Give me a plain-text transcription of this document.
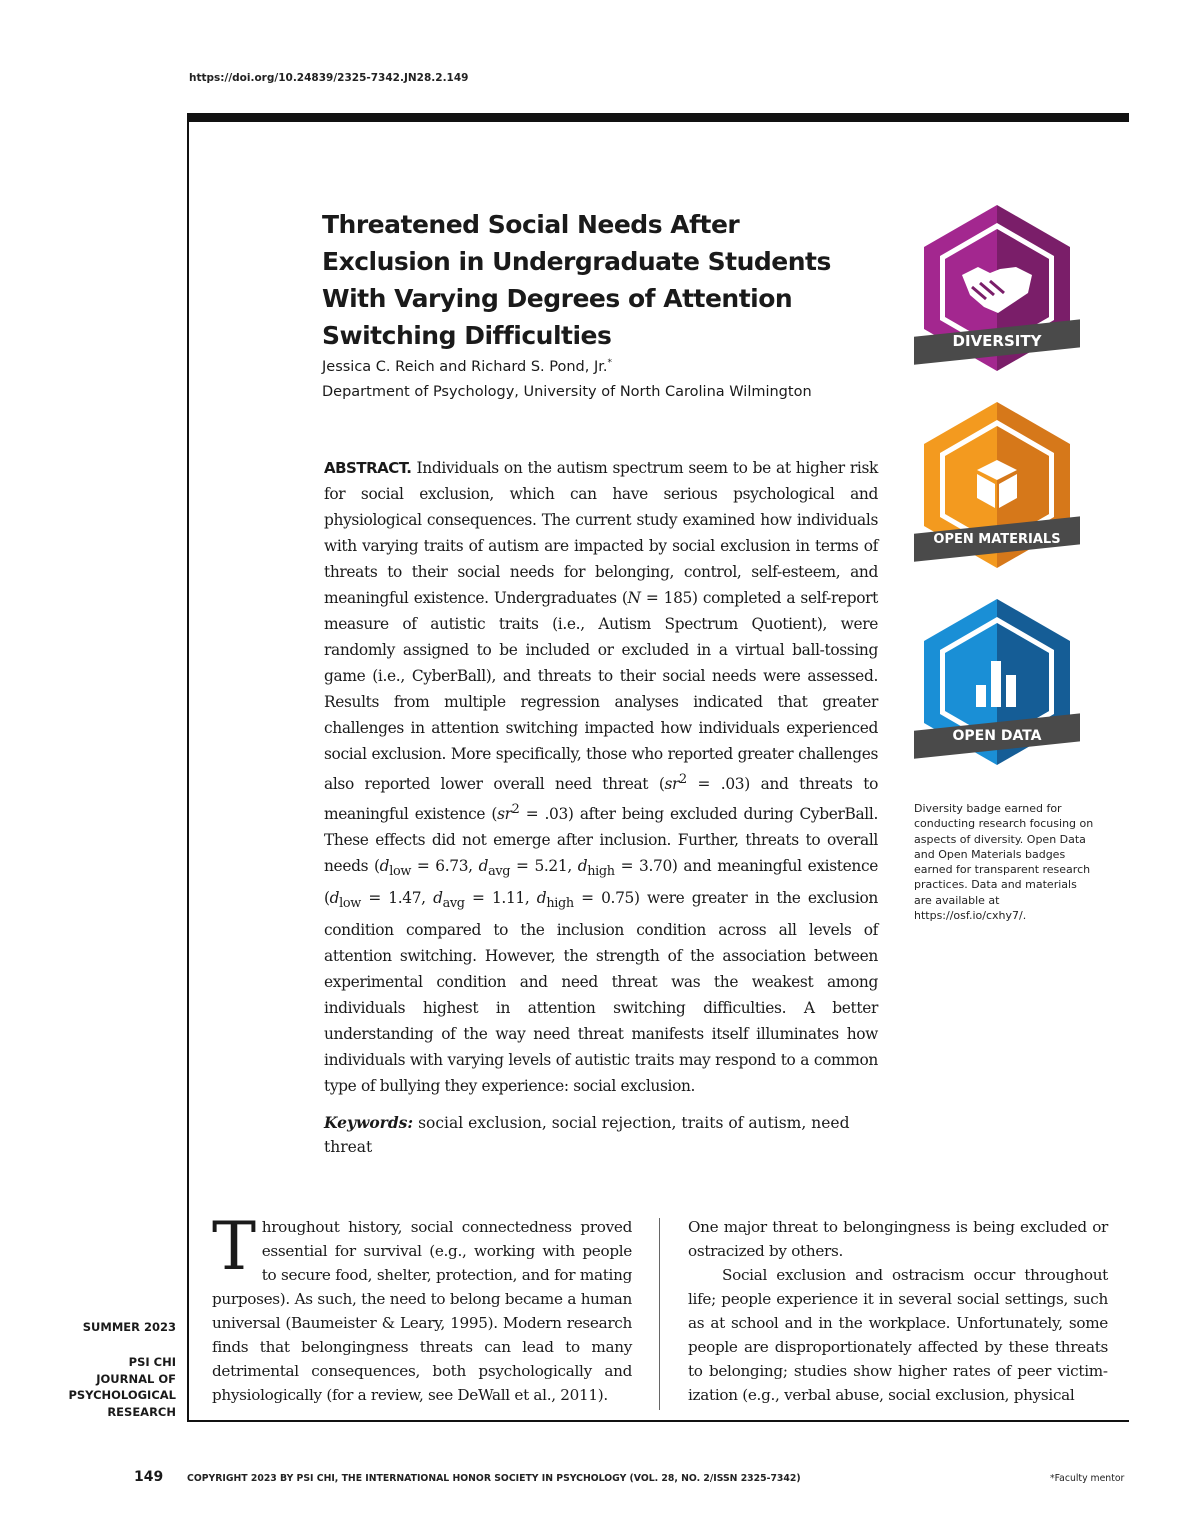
https://doi.org/10.24839/2325-7342.JN28.2.149
Threatened Social Needs After
Exclusion in Undergraduate Students
With Varying Degrees of Attention
Switching Difficulties
Jessica C. Reich and Richard S. Pond, Jr.*
Department of Psychology, University of North Carolina Wilmington

ABSTRACT. Individuals on the autism spectrum seem to be at higher risk for social exclusion, which can have serious psychological and physiological consequences. The current study examined how individuals with varying traits of autism are impacted by social exclusion in terms of threats to their social needs for belonging, control, self-esteem, and meaningful existence. Undergraduates (N = 185) completed a self-report measure of autistic traits (i.e., Autism Spectrum Quotient), were randomly assigned to be included or excluded in a virtual ball-tossing game (i.e., CyberBall), and threats to their social needs were assessed. Results from multiple regression analyses indicated that greater challenges in attention switching impacted how individuals experienced social exclusion. More specifically, those who reported greater challenges also reported lower overall need threat $(sr^2 = .03)$ and threats to meaningful existence $(sr^2 = .03)$ after being excluded during CyberBall. These effects did not emerge after inclusion. Further, threats to overall needs ($d_{low} = 6.73$, $d_{avg} = 5.21$, $d_{high} = 3.70$) and meaningful existence ($d_{low} = 1.47$, $d_{avg} = 1.11$, $d_{high} = 0.75$) were greater in the exclusion condition compared to the inclusion condition across all levels of attention switching. However, the strength of the association between experimental condition and need threat was the weakest among individuals highest in attention switching difficulties. A better understanding of the way need threat manifests itself illuminates how individuals with varying levels of autistic traits may respond to a common type of bullying they experience: social exclusion.

Keywords: social exclusion, social rejection, traits of autism, need threat

DIVERSITY
OPEN MATERIALS
OPEN DATA

Diversity badge earned for conducting research focusing on aspects of diversity. Open Data and Open Materials badges earned for transparent research practices. Data and materials are available at https://osf.io/cxhy7/.

T hroughout history, social connectedness proved essential for survival (e.g., working with people to secure food, shelter, protection, and for mating purposes). As such, the need to belong became a human universal (Baumeister & Leary, 1995). Modern research finds that belongingness threats can lead to many detrimental consequences, both psychologically and physiologically (for a review, see DeWall et al., 2011).

One major threat to belongingness is being excluded or ostracized by others.

Social exclusion and ostracism occur throughout life; people experience it in several social settings, such as at school and in the workplace. Unfortunately, some people are disproportionately affected by these threats to belonging; studies show higher rates of peer victimization (e.g., verbal abuse, social exclusion, physical

SUMMER 2023
PSI CHI
JOURNAL OF
PSYCHOLOGICAL
RESEARCH
149	COPYRIGHT 2023 BY PSI CHI, THE INTERNATIONAL HONOR SOCIETY IN PSYCHOLOGY (VOL. 28, NO. 2/ISSN 2325-7342)	*Faculty mentor
